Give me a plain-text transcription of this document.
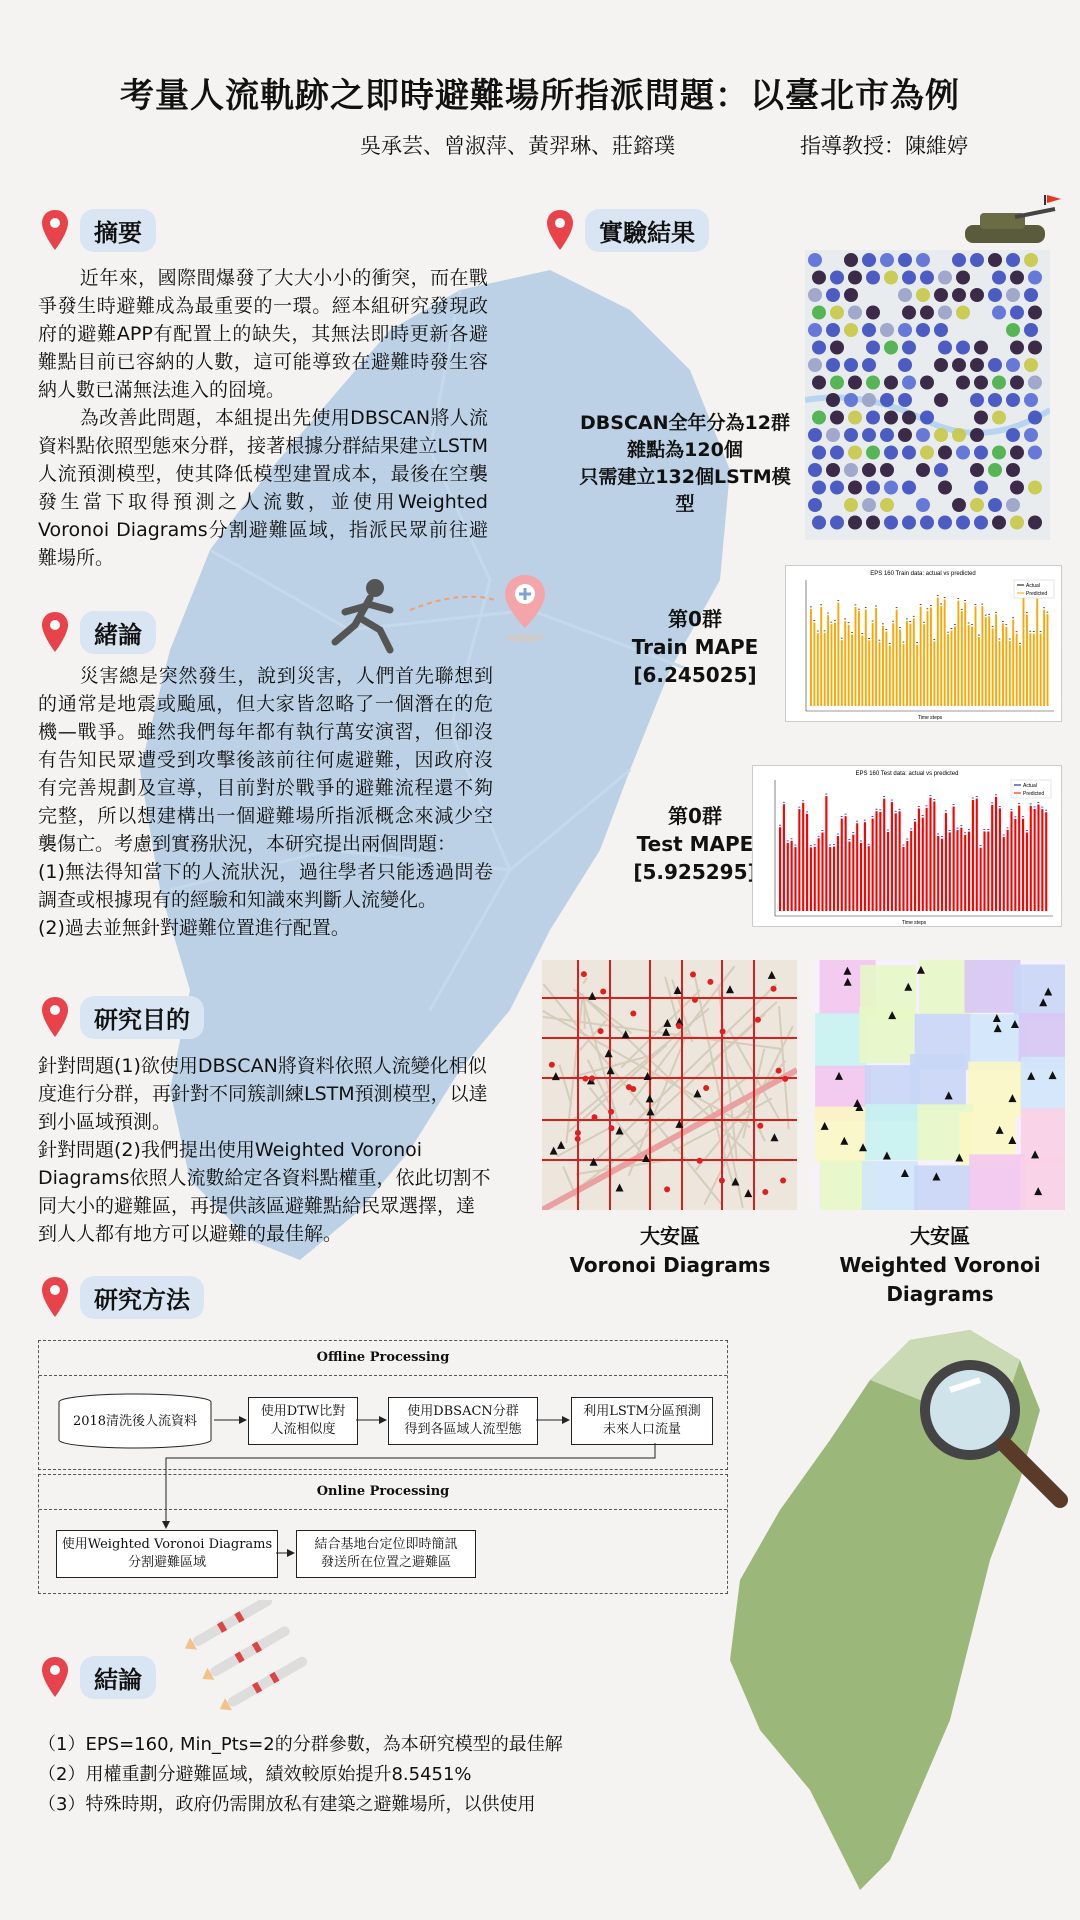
考量人流軌跡之即時避難場所指派問題：以臺北市為例
吳承芸、曾淑萍、黃羿琳、莊鎔璞	指導教授：陳維婷
摘要

近年來，國際間爆發了大大小小的衝突，而在戰爭發生時避難成為最重要的一環。經本組研究發現政府的避難APP有配置上的缺失，其無法即時更新各避難點目前已容納的人數，這可能導致在避難時發生容納人數已滿無法進入的囧境。

為改善此問題，本組提出先使用DBSCAN將人流資料點依照型態來分群，接著根據分群結果建立LSTM人流預測模型，使其降低模型建置成本，最後在空襲發生當下取得預測之人流數，並使用Weighted Voronoi Diagrams分割避難區域，指派民眾前往避難場所。

緒論

災害總是突然發生，說到災害，人們首先聯想到的通常是地震或颱風，但大家皆忽略了一個潛在的危機—戰爭。雖然我們每年都有執行萬安演習，但卻沒有告知民眾遭受到攻擊後該前往何處避難，因政府沒有完善規劃及宣導，目前對於戰爭的避難流程還不夠完整，所以想建構出一個避難場所指派概念來減少空襲傷亡。考慮到實務狀況，本研究提出兩個問題：

(1)無法得知當下的人流狀況，過往學者只能透過問卷調查或根據現有的經驗和知識來判斷人流變化。

(2)過去並無針對避難位置進行配置。

研究目的

針對問題(1)欲使用DBSCAN將資料依照人流變化相似度進行分群，再針對不同簇訓練LSTM預測模型，以達到小區域預測。

針對問題(2)我們提出使用Weighted Voronoi Diagrams依照人流數給定各資料點權重，依此切割不同大小的避難區，再提供該區避難點給民眾選擇，達到人人都有地方可以避難的最佳解。

研究方法
Offline Processing
2018清洗後人流資料
使用DTW比對
人流相似度
使用DBSACN分群
得到各區域人流型態
利用LSTM分區預測
未來人口流量
Online Processing
使用Weighted Voronoi Diagrams
分割避難區域
結合基地台定位即時簡訊
發送所在位置之避難區
結論
（1）EPS=160, Min_Pts=2的分群參數，為本研究模型的最佳解
（2）用權重劃分避難區域，績效較原始提升8.5451%
（3）特殊時期，政府仍需開放私有建築之避難場所，以供使用
實驗結果
DBSCAN全年分為12群
雜點為120個
只需建立132個LSTM模型
第0群
Train MAPE
[6.245025]
EPS 160 Train data: actual vs predicted
Actual
Predicted
Time steps
第0群
Test MAPE
[5.925295]
EPS 160 Test data: actual vs predicted
Actual
Predicted
Time steps
大安區
Voronoi Diagrams
大安區
Weighted Voronoi Diagrams
